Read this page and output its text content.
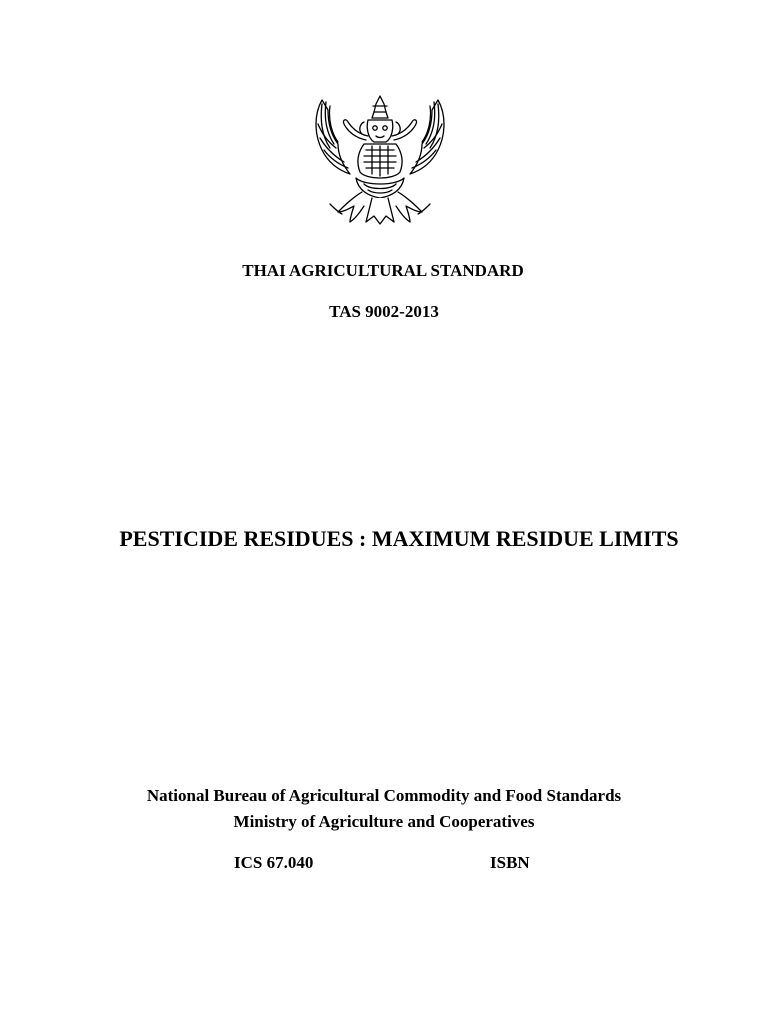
THAI AGRICULTURAL STANDARD
TAS 9002-2013
PESTICIDE RESIDUES : MAXIMUM RESIDUE LIMITS
National Bureau of Agricultural Commodity and Food Standards
Ministry of Agriculture and Cooperatives
ICS 67.040	ISBN
